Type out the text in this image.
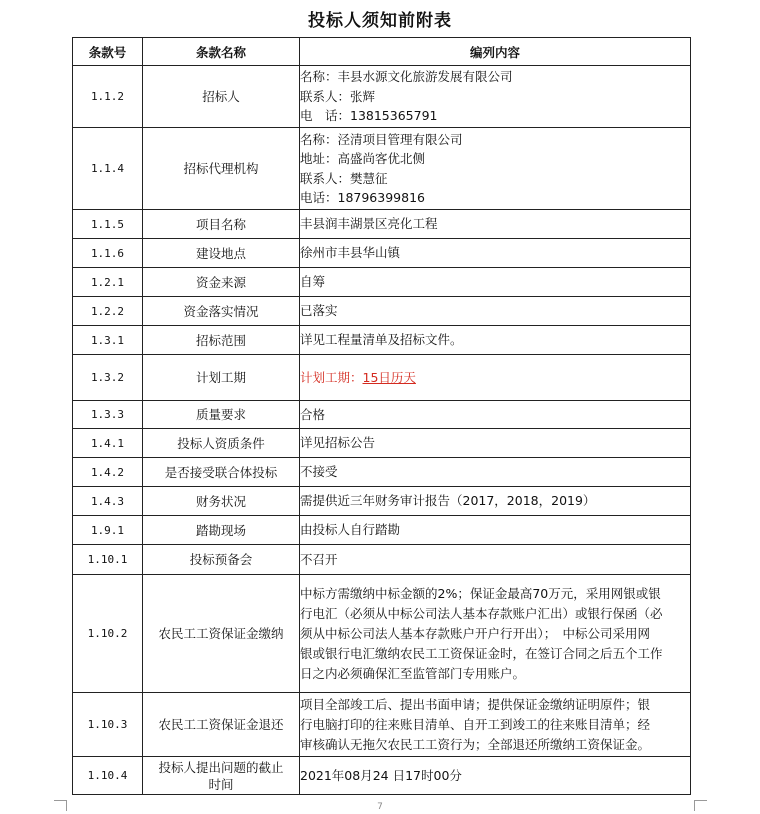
投标人须知前附表
条款号	条款名称	编列内容
1.1.2	招标人	名称：丰县水源文化旅游发展有限公司
联系人：张辉
电　话：13815365791

1.1.4	招标代理机构	名称：泾清项目管理有限公司
地址：高盛尚客优北侧
联系人：樊慧征
电话：18796399816

1.1.5	项目名称	丰县润丰湖景区亮化工程
1.1.6	建设地点	徐州市丰县华山镇
1.2.1	资金来源	自筹
1.2.2	资金落实情况	已落实
1.3.1	招标范围	详见工程量清单及招标文件。
1.3.2	计划工期	计划工期：15日历天
1.3.3	质量要求	合格
1.4.1	投标人资质条件	详见招标公告
1.4.2	是否接受联合体投标	不接受
1.4.3	财务状况	需提供近三年财务审计报告（2017，2018，2019）
1.9.1	踏勘现场	由投标人自行踏勘
1.10.1	投标预备会	不召开
1.10.2	农民工工资保证金缴纳	中标方需缴纳中标金额的2%；保证金最高70万元，采用网银或银
行电汇（必须从中标公司法人基本存款账户汇出）或银行保函（必
须从中标公司法人基本存款账户开户行开出）；　中标公司采用网
银或银行电汇缴纳农民工工资保证金时，在签订合同之后五个工作
日之内必须确保汇至监管部门专用账户。

1.10.3	农民工工资保证金退还	项目全部竣工后、提出书面申请；提供保证金缴纳证明原件；银
行电脑打印的往来账目清单、自开工到竣工的往来账目清单；经
审核确认无拖欠农民工工资行为；全部退还所缴纳工资保证金。

1.10.4	投标人提出问题的截止
时间	2021年08月24 日17时00分
7
